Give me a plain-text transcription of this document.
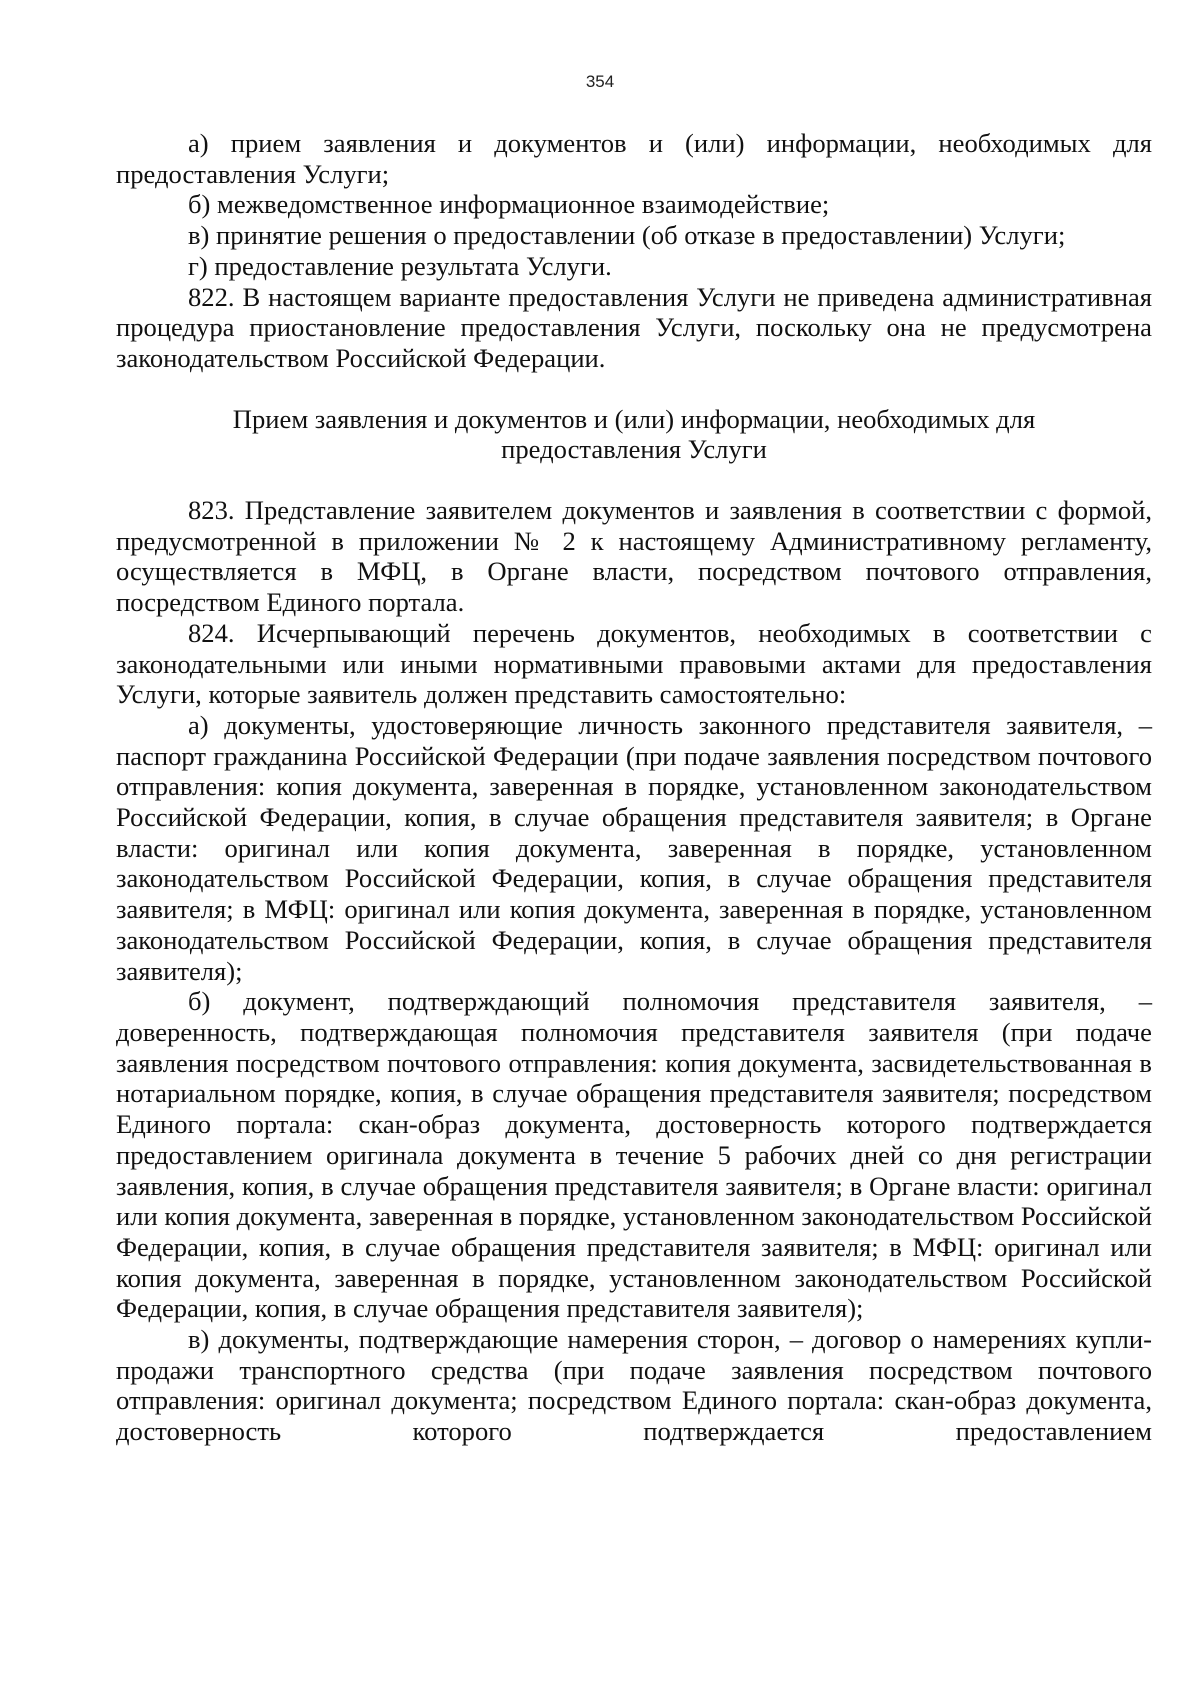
354

а) прием заявления и документов и (или) информации, необходимых для предоставления Услуги;

б) межведомственное информационное взаимодействие;

в) принятие решения о предоставлении (об отказе в предоставлении) Услуги;

г) предоставление результата Услуги.

822. В настоящем варианте предоставления Услуги не приведена административная процедура приостановление предоставления Услуги, поскольку она не предусмотрена законодательством Российской Федерации.

Прием заявления и документов и (или) информации, необходимых для

предоставления Услуги

823. Представление заявителем документов и заявления в соответствии с формой, предусмотренной в приложении № 2 к настоящему Административному регламенту, осуществляется в МФЦ, в Органе власти, посредством почтового отправления, посредством Единого портала.

824. Исчерпывающий перечень документов, необходимых в соответствии с законодательными или иными нормативными правовыми актами для предоставления Услуги, которые заявитель должен представить самостоятельно:

а) документы, удостоверяющие личность законного представителя заявителя, – паспорт гражданина Российской Федерации (при подаче заявления посредством почтового отправления: копия документа, заверенная в порядке, установленном законодательством Российской Федерации, копия, в случае обращения представителя заявителя; в Органе власти: оригинал или копия документа, заверенная в порядке, установленном законодательством Российской Федерации, копия, в случае обращения представителя заявителя; в МФЦ: оригинал или копия документа, заверенная в порядке, установленном законодательством Российской Федерации, копия, в случае обращения представителя заявителя);

б) документ, подтверждающий полномочия представителя заявителя, – доверенность, подтверждающая полномочия представителя заявителя (при подаче заявления посредством почтового отправления: копия документа, засвидетельствованная в нотариальном порядке, копия, в случае обращения представителя заявителя; посредством Единого портала: скан-образ документа, достоверность которого подтверждается предоставлением оригинала документа в течение 5 рабочих дней со дня регистрации заявления, копия, в случае обращения представителя заявителя; в Органе власти: оригинал или копия документа, заверенная в порядке, установленном законодательством Российской Федерации, копия, в случае обращения представителя заявителя; в МФЦ: оригинал или копия документа, заверенная в порядке, установленном законодательством Российской Федерации, копия, в случае обращения представителя заявителя);

в) документы, подтверждающие намерения сторон, – договор о намерениях купли-продажи транспортного средства (при подаче заявления посредством почтового отправления: оригинал документа; посредством Единого портала: скан-образ документа, достоверность которого подтверждается предоставлением
